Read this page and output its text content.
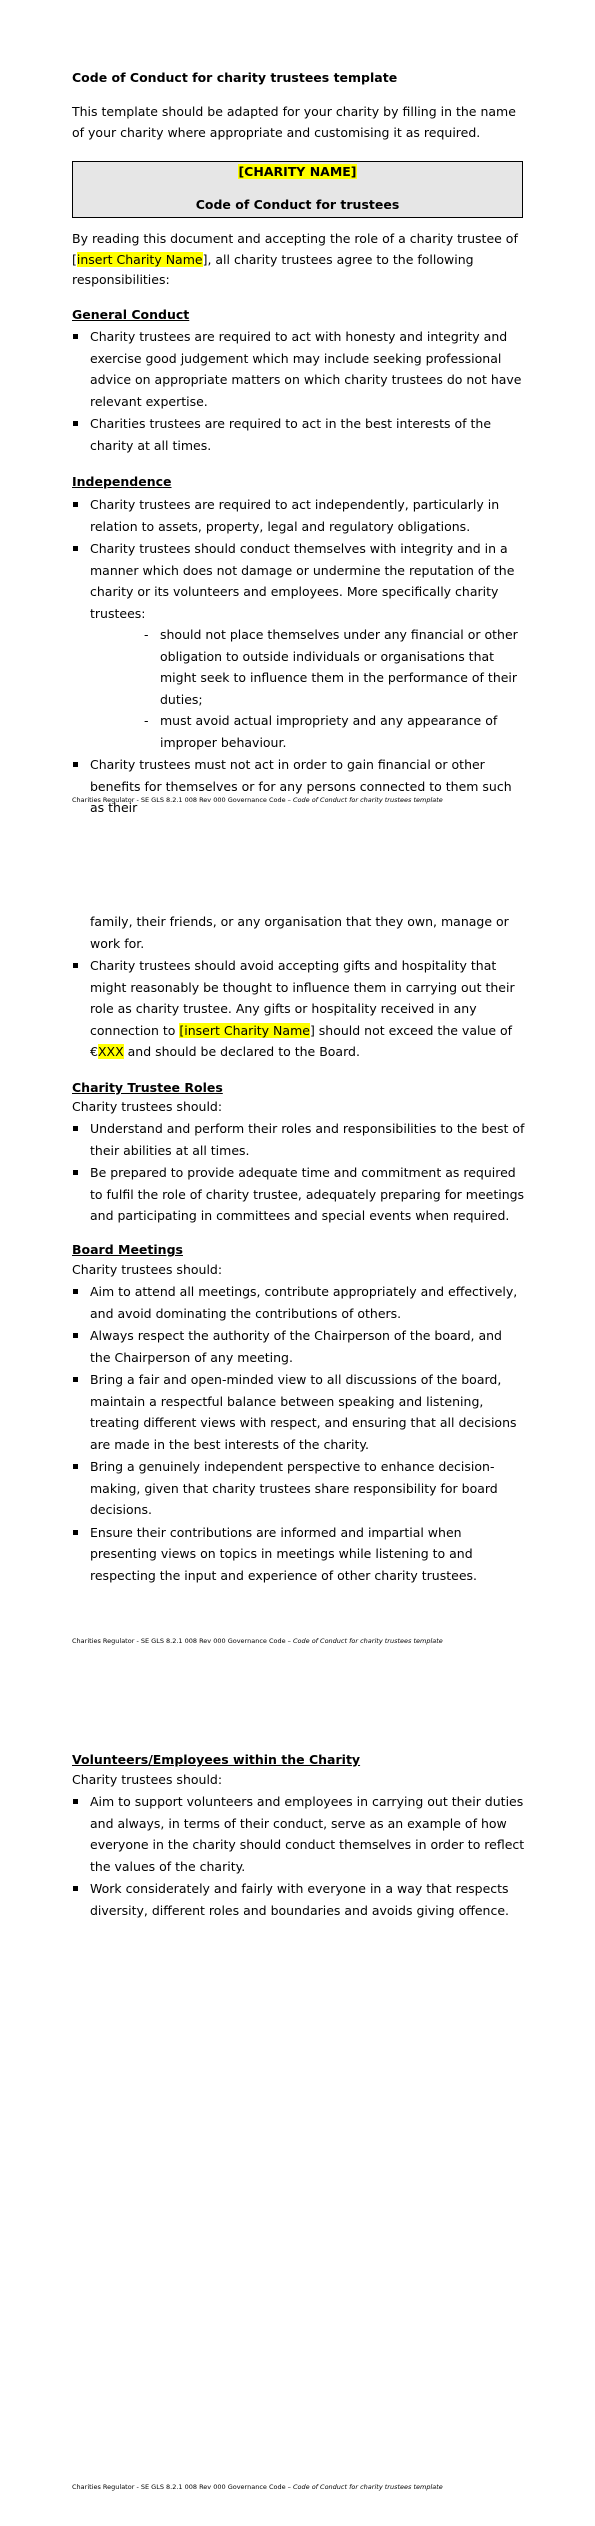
Code of Conduct for charity trustees template
This template should be adapted for your charity by filling in the name of your charity where appropriate and customising it as required.
[CHARITY NAME]
Code of Conduct for trustees
By reading this document and accepting the role of a charity trustee of [insert Charity Name], all charity trustees agree to the following responsibilities:
General Conduct
Charity trustees are required to act with honesty and integrity and exercise good judgement which may include seeking professional advice on appropriate matters on which charity trustees do not have relevant expertise.
Charities trustees are required to act in the best interests of the charity at all times.
Independence
Charity trustees are required to act independently, particularly in relation to assets, property, legal and regulatory obligations.
Charity trustees should conduct themselves with integrity and in a manner which does not damage or undermine the reputation of the charity or its volunteers and employees. More specifically charity trustees:
- should not place themselves under any financial or other obligation to outside individuals or organisations that might seek to influence them in the performance of their duties;
- must avoid actual impropriety and any appearance of improper behaviour.
Charity trustees must not act in order to gain financial or other benefits for themselves or for any persons connected to them such as their
Charities Regulator - SE GLS 8.2.1 008 Rev 000 Governance Code – Code of Conduct for charity trustees template
family, their friends, or any organisation that they own, manage or work for.
Charity trustees should avoid accepting gifts and hospitality that might reasonably be thought to influence them in carrying out their role as charity trustee. Any gifts or hospitality received in any connection to [insert Charity Name] should not exceed the value of €XXX and should be declared to the Board.
Charity Trustee Roles
Charity trustees should:
Understand and perform their roles and responsibilities to the best of their abilities at all times.
Be prepared to provide adequate time and commitment as required to fulfil the role of charity trustee, adequately preparing for meetings and participating in committees and special events when required.
Board Meetings
Charity trustees should:
Aim to attend all meetings, contribute appropriately and effectively, and avoid dominating the contributions of others.
Always respect the authority of the Chairperson of the board, and the Chairperson of any meeting.
Bring a fair and open-minded view to all discussions of the board, maintain a respectful balance between speaking and listening, treating different views with respect, and ensuring that all decisions are made in the best interests of the charity.
Bring a genuinely independent perspective to enhance decision-making, given that charity trustees share responsibility for board decisions.
Ensure their contributions are informed and impartial when presenting views on topics in meetings while listening to and respecting the input and experience of other charity trustees.
Charities Regulator - SE GLS 8.2.1 008 Rev 000 Governance Code – Code of Conduct for charity trustees template
Volunteers/Employees within the Charity
Charity trustees should:
Aim to support volunteers and employees in carrying out their duties and always, in terms of their conduct, serve as an example of how everyone in the charity should conduct themselves in order to reflect the values of the charity.
Work considerately and fairly with everyone in a way that respects diversity, different roles and boundaries and avoids giving offence.
Charities Regulator - SE GLS 8.2.1 008 Rev 000 Governance Code – Code of Conduct for charity trustees template
